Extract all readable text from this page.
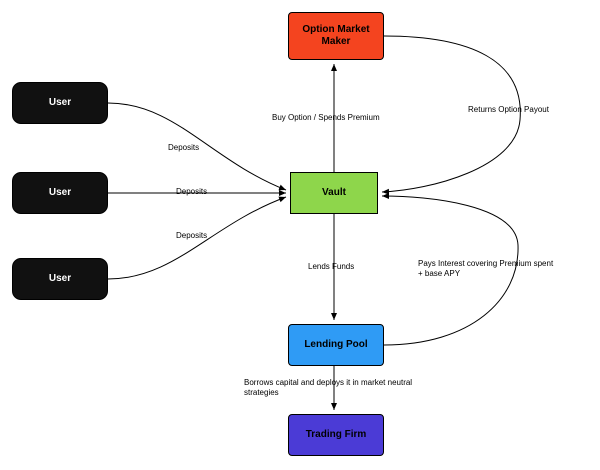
User
User
User
Vault
Option Market Maker
Lending Pool
Trading Firm
Deposits
Deposits
Deposits
Buy Option / Spends Premium
Returns Option Payout
Lends Funds	Pays Interest covering Premium spent + base APY
Borrows capital and deploys it in market neutral strategies
